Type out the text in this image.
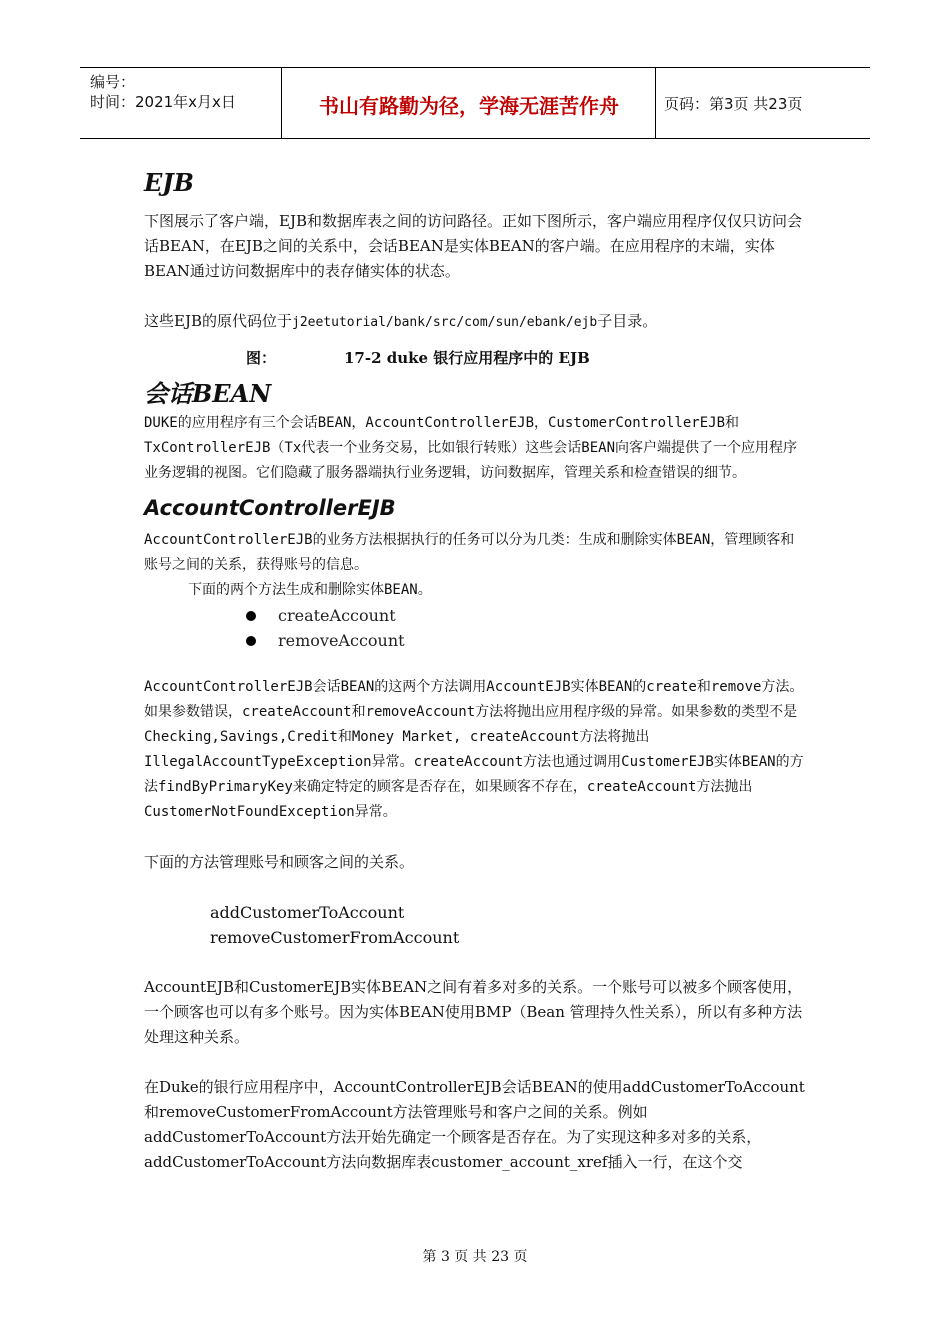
编号：
时间：2021年x月x日	书山有路勤为径，学海无涯苦作舟	页码：第3页 共23页
EJB

下图展示了客户端，EJB和数据库表之间的访问路径。正如下图所示，客户端应用程序仅仅只访问会话BEAN，在EJB之间的关系中，会话BEAN是实体BEAN的客户端。在应用程序的末端，实体BEAN通过访问数据库中的表存储实体的状态。

这些EJB的原代码位于j2eetutorial/bank/src/com/sun/ebank/ejb子目录。

图：	17-2 duke 银行应用程序中的 EJB
会话BEAN

DUKE的应用程序有三个会话BEAN，AccountControllerEJB，CustomerControllerEJB和TxControllerEJB（Tx代表一个业务交易，比如银行转账）这些会话BEAN向客户端提供了一个应用程序业务逻辑的视图。它们隐藏了服务器端执行业务逻辑，访问数据库，管理关系和检查错误的细节。

AccountControllerEJB

AccountControllerEJB的业务方法根据执行的任务可以分为几类：生成和删除实体BEAN，管理顾客和账号之间的关系，获得账号的信息。

下面的两个方法生成和删除实体BEAN。

createAccount
removeAccount

AccountControllerEJB会话BEAN的这两个方法调用AccountEJB实体BEAN的create和remove方法。如果参数错误，createAccount和removeAccount方法将抛出应用程序级的异常。如果参数的类型不是Checking,Savings,Credit和Money Market, createAccount方法将抛出IllegalAccountTypeException异常。createAccount方法也通过调用CustomerEJB实体BEAN的方法findByPrimaryKey来确定特定的顾客是否存在，如果顾客不存在，createAccount方法抛出CustomerNotFoundException异常。

下面的方法管理账号和顾客之间的关系。

addCustomerToAccount
removeCustomerFromAccount

AccountEJB和CustomerEJB实体BEAN之间有着多对多的关系。一个账号可以被多个顾客使用，一个顾客也可以有多个账号。因为实体BEAN使用BMP（Bean 管理持久性关系），所以有多种方法处理这种关系。

在Duke的银行应用程序中，AccountControllerEJB会话BEAN的使用addCustomerToAccount和removeCustomerFromAccount方法管理账号和客户之间的关系。例如addCustomerToAccount方法开始先确定一个顾客是否存在。为了实现这种多对多的关系，addCustomerToAccount方法向数据库表customer_account_xref插入一行，在这个交

第 3 页 共 23 页
